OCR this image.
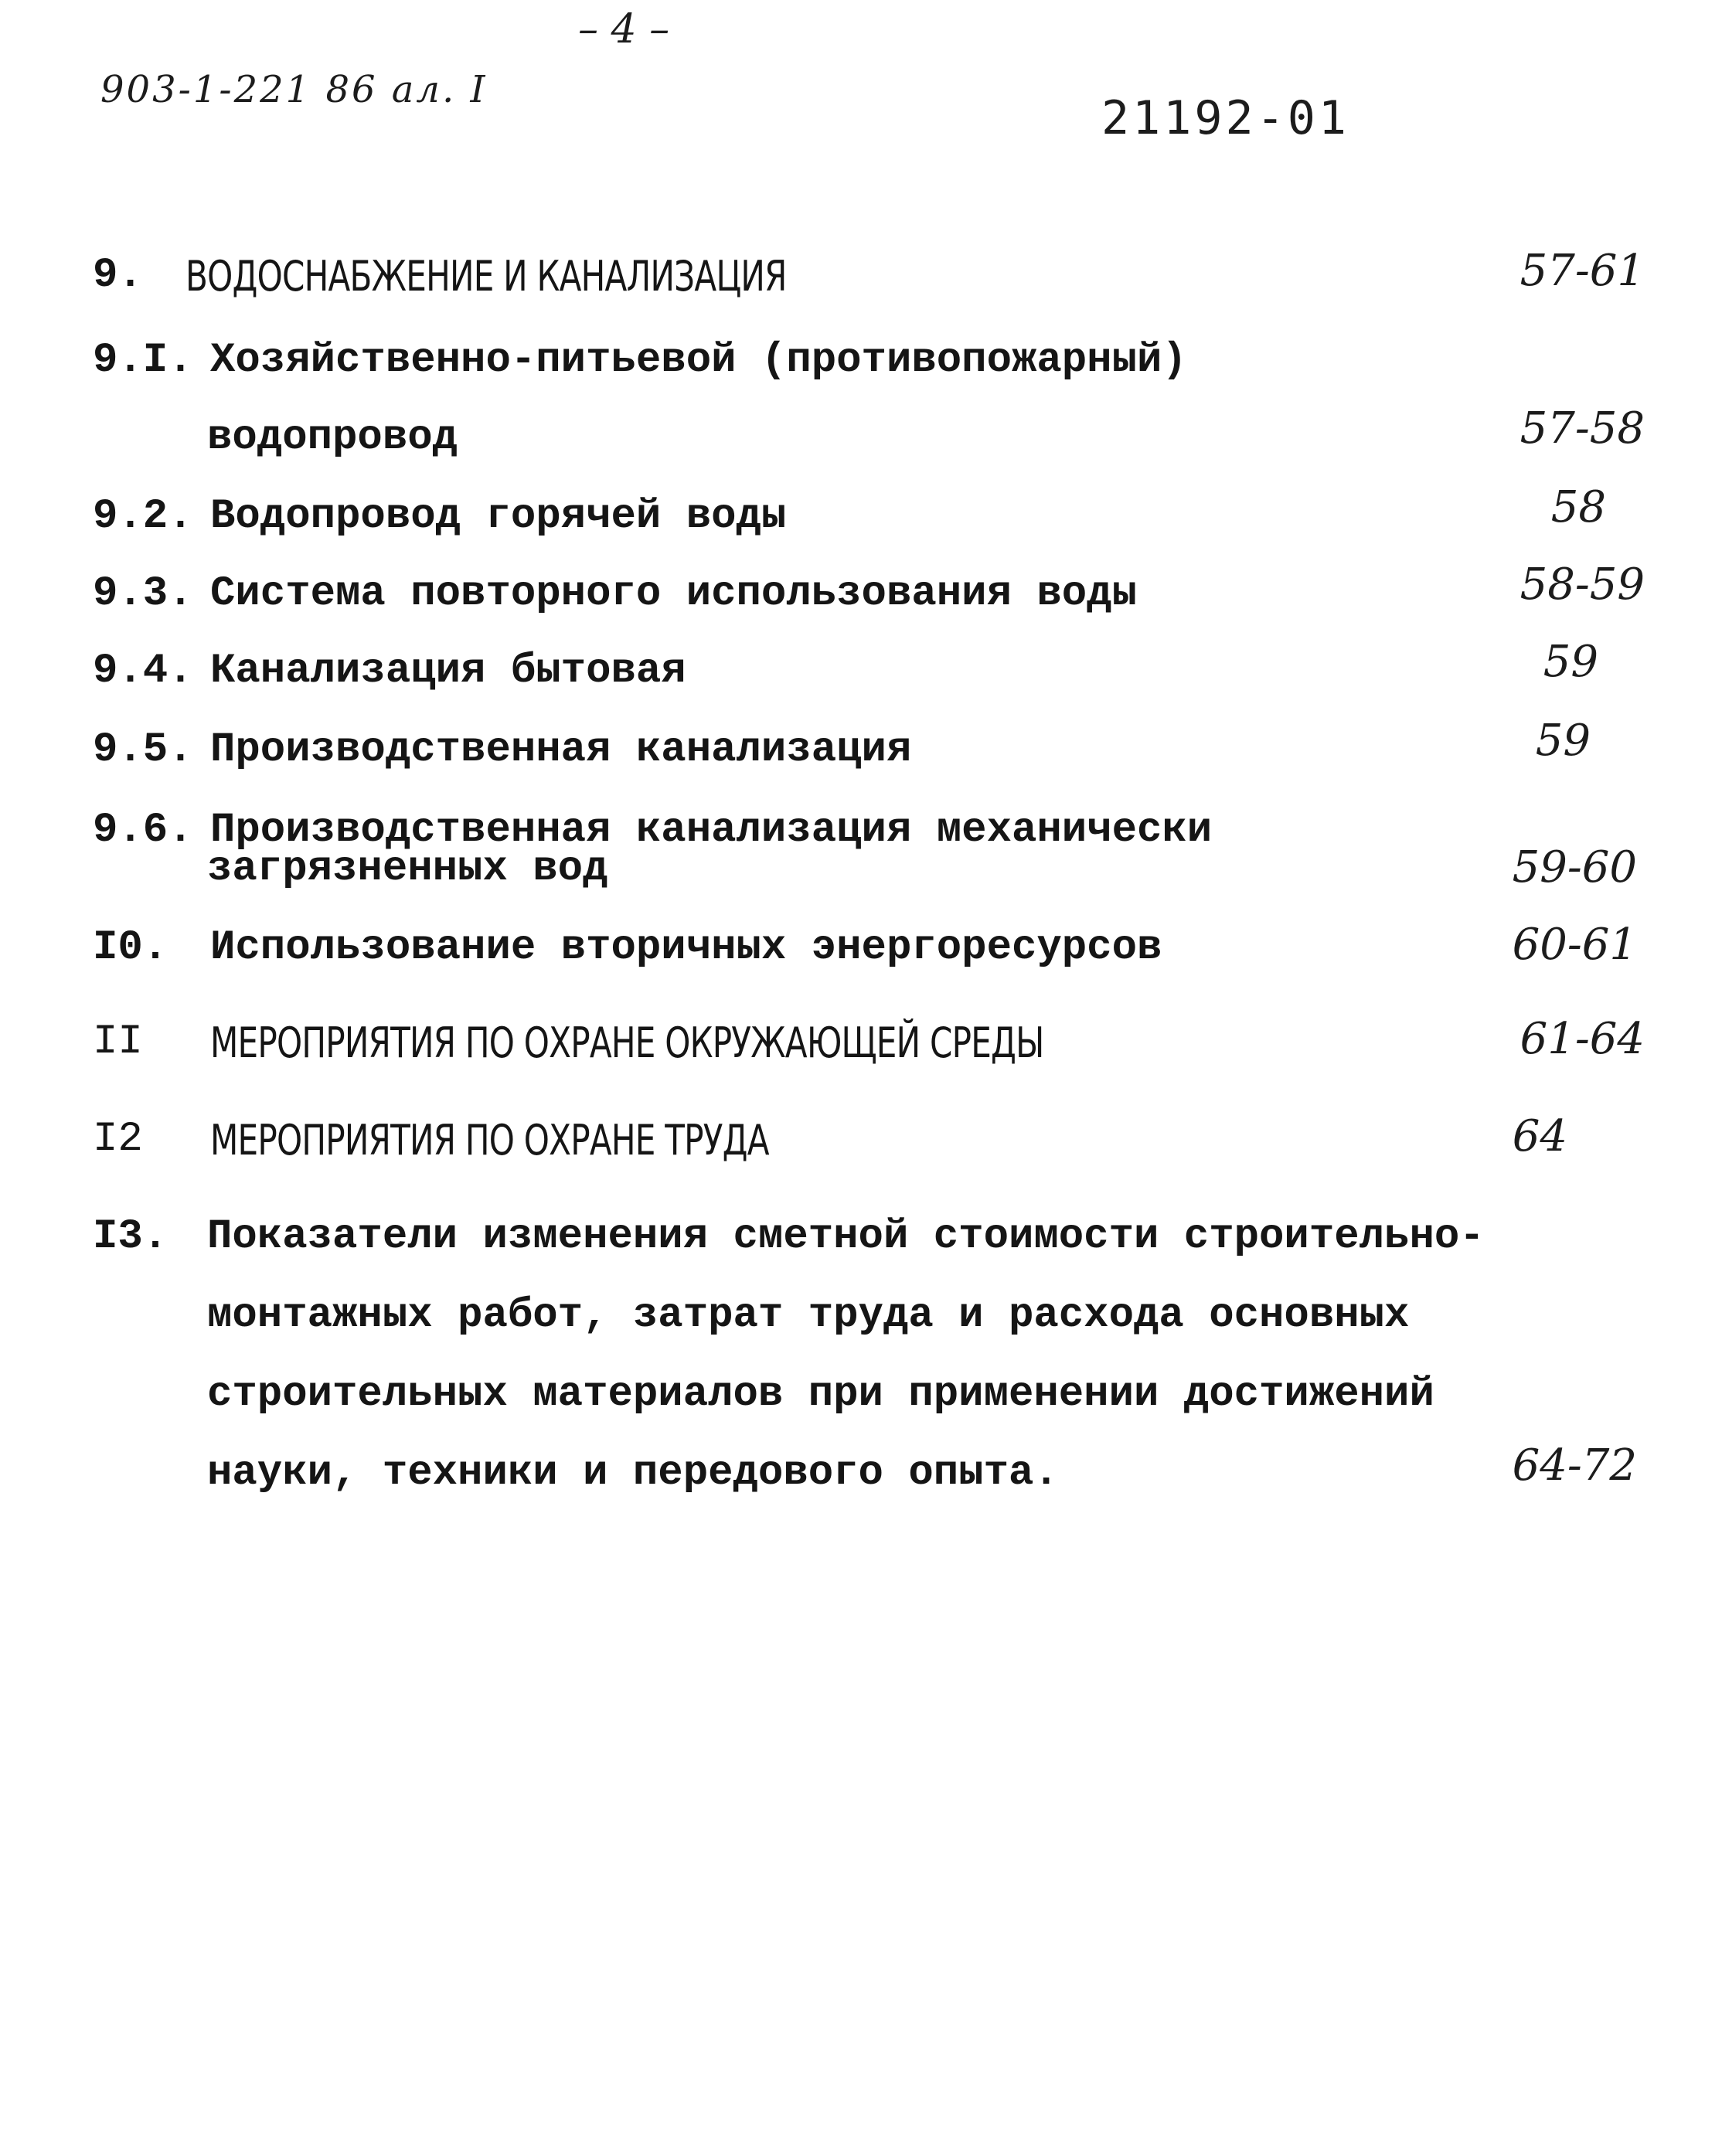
– 4 –
903-1-221 86 ал. I
21192-01
9. ВОДОСНАБЖЕНИЕ И КАНАЛИЗАЦИЯ	57-61
9.I. Хозяйственно-питьевой (противопожарный)
водопровод	57-58
9.2. Водопровод горячей воды	58
9.3. Система повторного использования воды	58-59
9.4. Канализация бытовая	59
9.5. Производственная канализация	59
9.6. Производственная канализация механически
загрязненных вод	59-60
I0. Использование вторичных энергоресурсов	60-61
II МЕРОПРИЯТИЯ ПО ОХРАНЕ ОКРУЖАЮЩЕЙ СРЕДЫ	61-64
I2 МЕРОПРИЯТИЯ ПО ОХРАНЕ ТРУДА	64
I3. Показатели изменения сметной стоимости строительно-
монтажных работ, затрат труда и расхода основных
строительных материалов при применении достижений
науки, техники и передового опыта.	64-72
